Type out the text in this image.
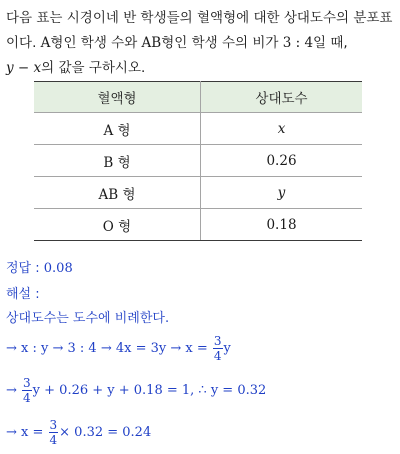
다음 표는 시경이네 반 학생들의 혈액형에 대한 상대도수의 분포표
이다. A형인 학생 수와 AB형인 학생 수의 비가 3 : 4일 때,
y − x의 값을 구하시오.
혈액형	상대도수
A 형	x
B 형	0.26
AB 형	y
O 형	0.18
정답 : 0.08
해설 :
상대도수는 도수에 비례한다.
→ x : y → 3 : $4 \to 4x = 3y \to x = \frac{3}{4}$ y
→ $\frac{3}{4}$ y + 0.26 + y + 0.18 = 1, ∴ y = 0.32
→ $x = \frac{3}{4} \times 0.32 = 0.24$
